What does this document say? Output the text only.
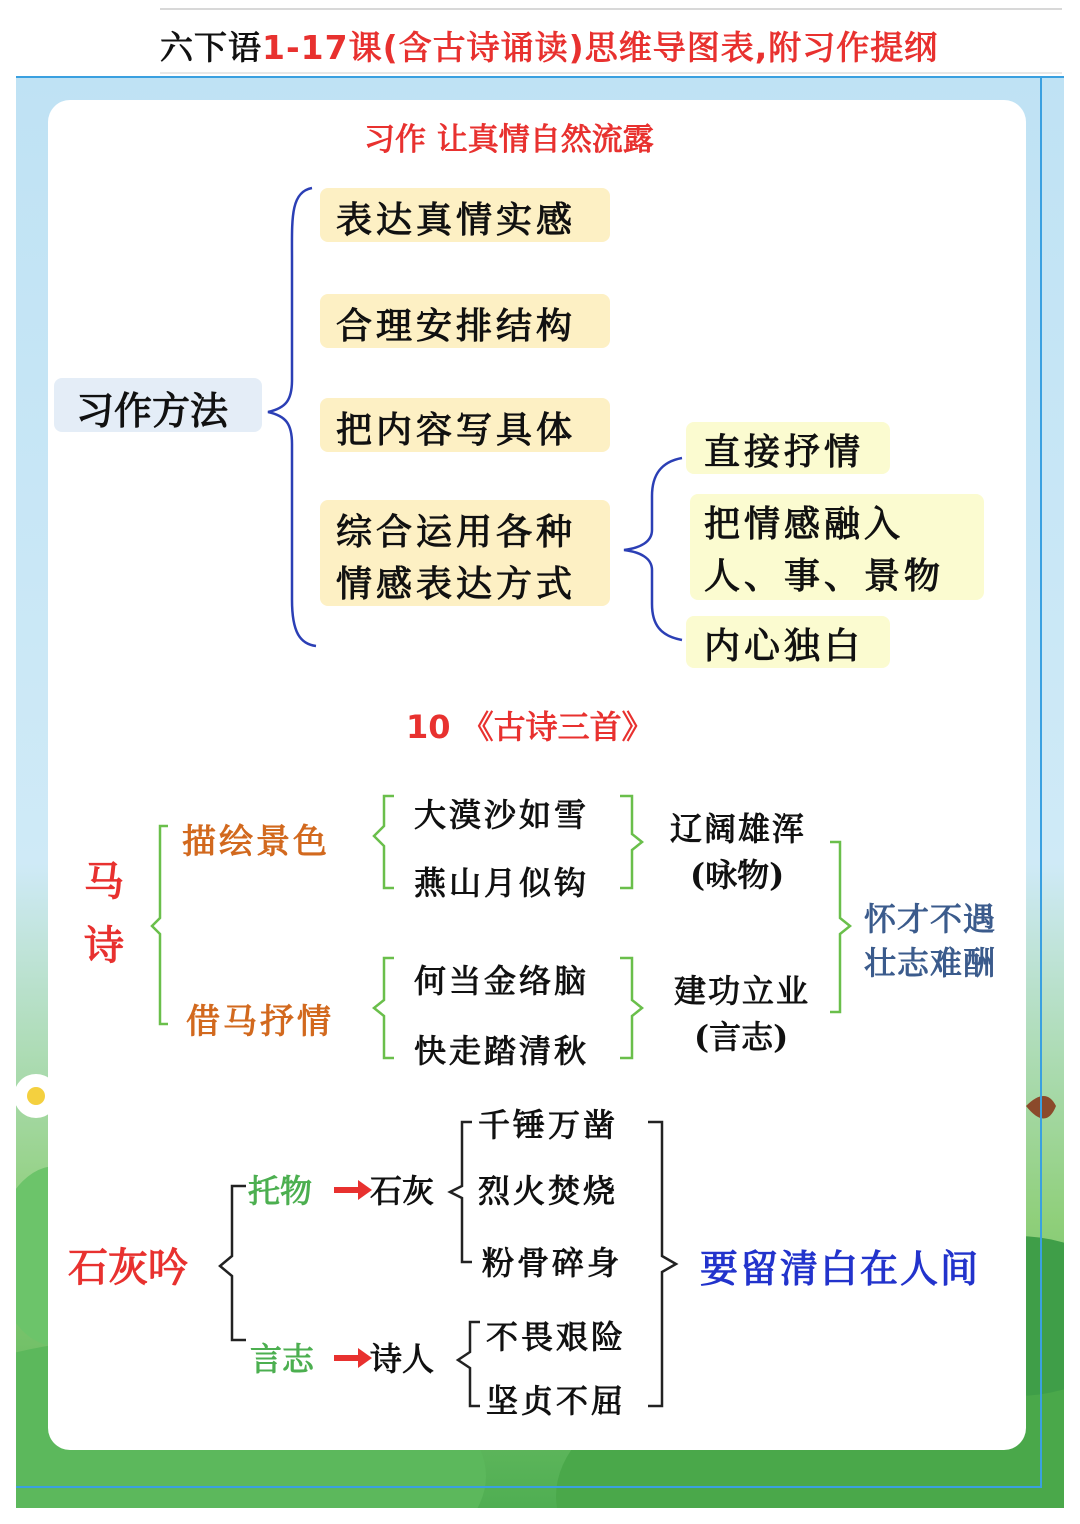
六下语1-17课(含古诗诵读)思维导图表,附习作提纲
习作 让真情自然流露
习作方法
表达真情实感
合理安排结构
把内容写具体
综合运用各种
情感表达方式
直接抒情
把情感融入
人、事、景物
内心独白
10 《古诗三首》
马
诗
描绘景色
借马抒情
大漠沙如雪
燕山月似钩
何当金络脑
快走踏清秋
辽阔雄浑
(咏物)
建功立业
(言志)
怀才不遇
壮志难酬
石灰吟
托物 石灰
言志 诗人
千锤万凿
烈火焚烧
粉骨碎身
不畏艰险
坚贞不屈
要留清白在人间
